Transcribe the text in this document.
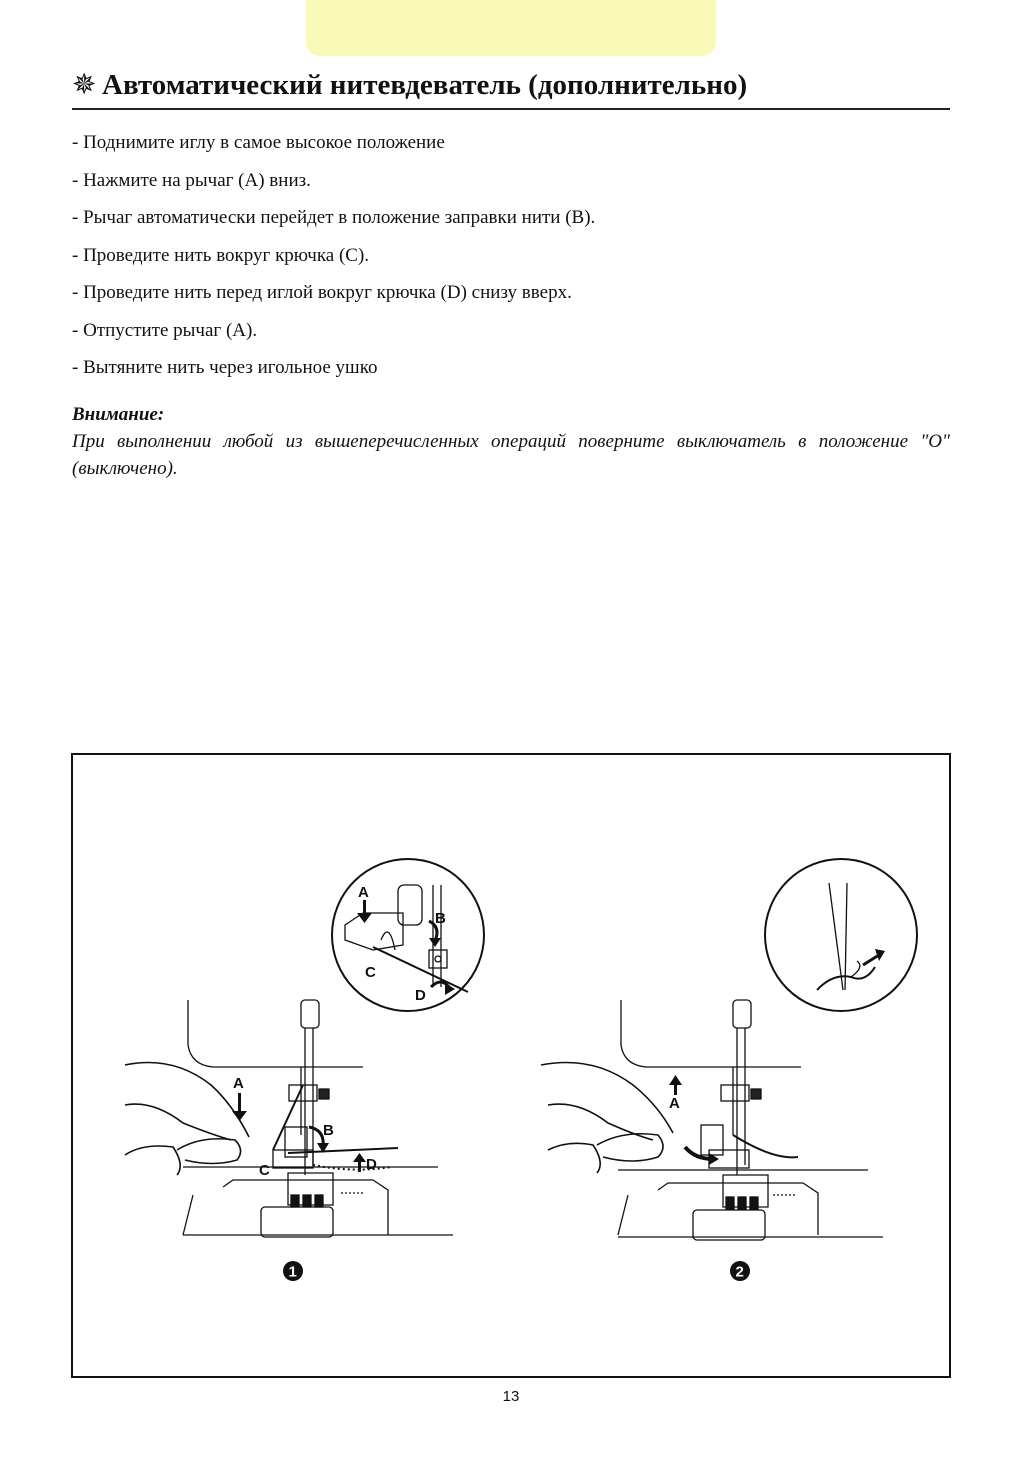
✵ Автоматический нитевдеватель (дополнительно)
- Поднимите иглу в самое высокое положение
- Нажмите на рычаг (А) вниз.
- Рычаг автоматически перейдет в положение заправки нити (В).
- Проведите нить вокруг крючка (С).
- Проведите нить перед иглой вокруг крючка (D) снизу вверх.
- Отпустите рычаг (А).
- Вытяните нить через игольное ушко
Внимание:
При выполнении любой из вышеперечисленных операций поверните выключатель в положение "O" (выключено).
A
B
C	D
A
B
C
D
1
A
2
13
